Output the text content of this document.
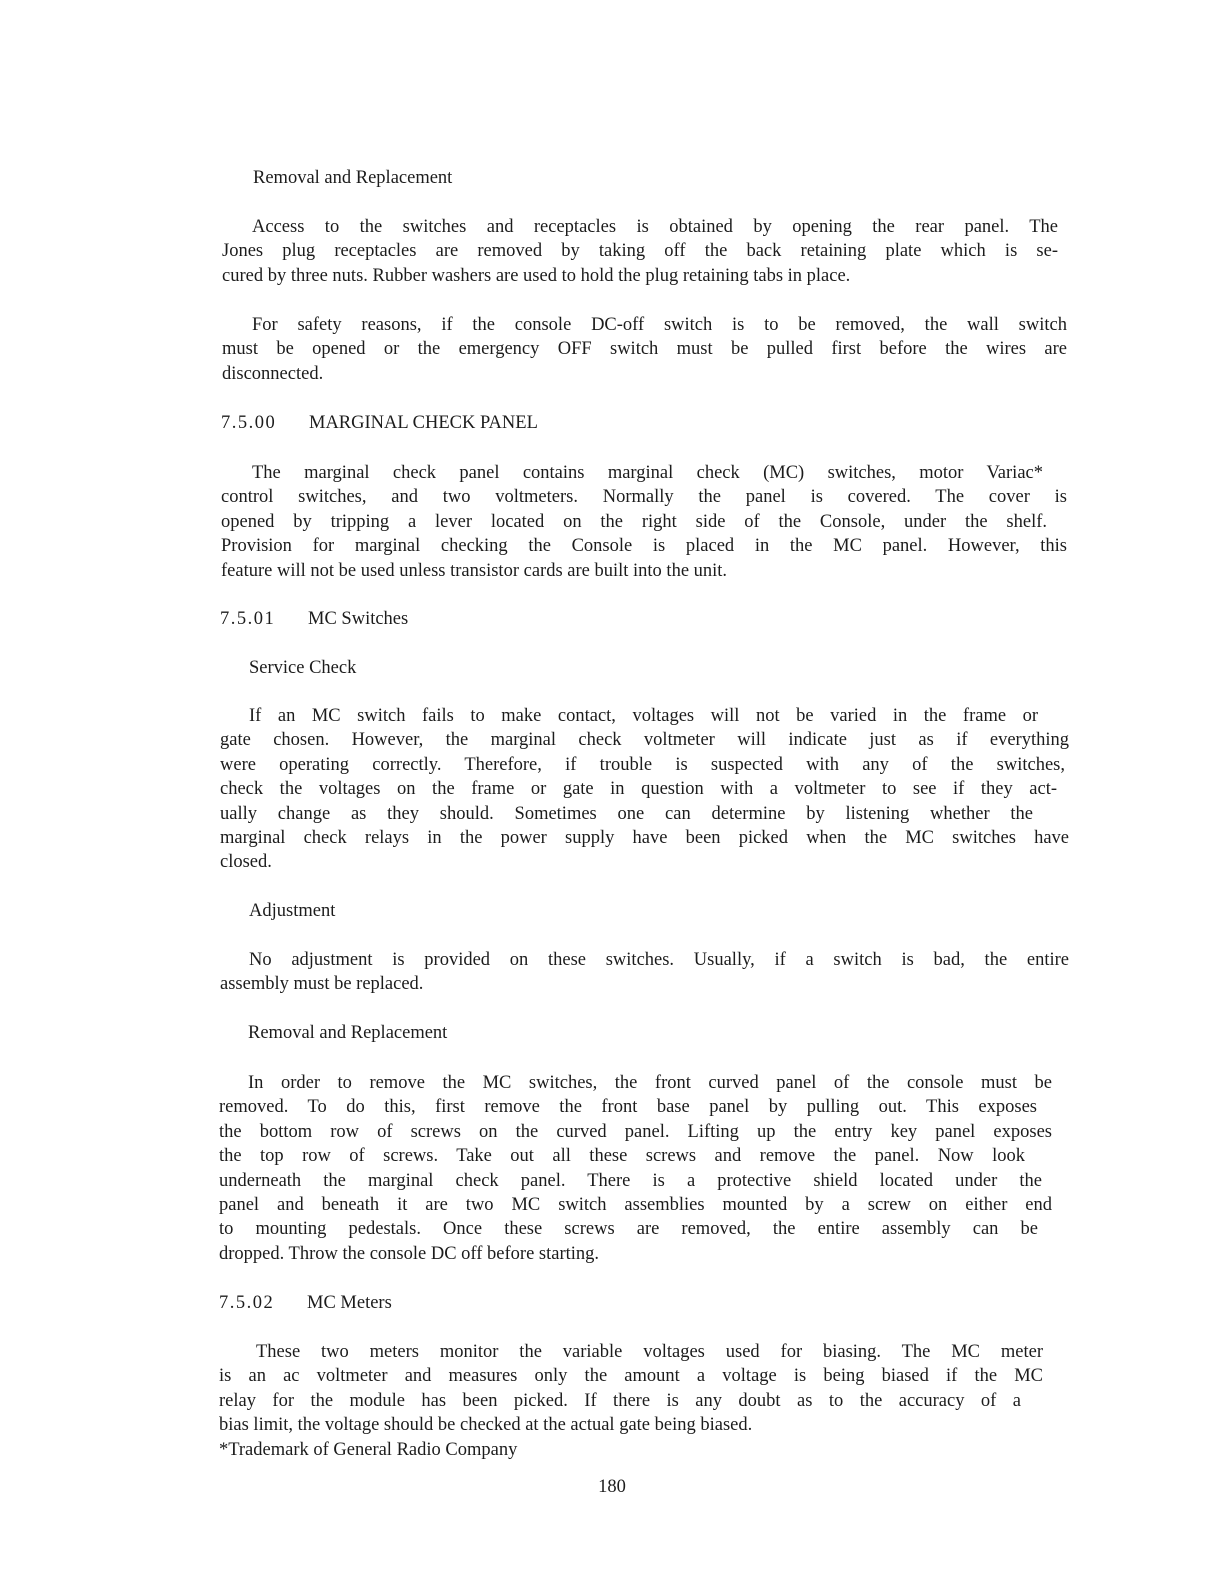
Removal and Replacement
Access to the switches and receptacles is obtained by opening the rear panel. The
Jones plug receptacles are removed by taking off the back retaining plate which is se-
cured by three nuts. Rubber washers are used to hold the plug retaining tabs in place.
For safety reasons, if the console DC-off switch is to be removed, the wall switch
must be opened or the emergency OFF switch must be pulled first before the wires are
disconnected.
7.5.00 MARGINAL CHECK PANEL
The marginal check panel contains marginal check (MC) switches, motor Variac*
control switches, and two voltmeters. Normally the panel is covered. The cover is
opened by tripping a lever located on the right side of the Console, under the shelf.
Provision for marginal checking the Console is placed in the MC panel. However, this
feature will not be used unless transistor cards are built into the unit.
7.5.01 MC Switches
Service Check
If an MC switch fails to make contact, voltages will not be varied in the frame or
gate chosen. However, the marginal check voltmeter will indicate just as if everything
were operating correctly. Therefore, if trouble is suspected with any of the switches,
check the voltages on the frame or gate in question with a voltmeter to see if they act-
ually change as they should. Sometimes one can determine by listening whether the
marginal check relays in the power supply have been picked when the MC switches have
closed.
Adjustment
No adjustment is provided on these switches. Usually, if a switch is bad, the entire
assembly must be replaced.
Removal and Replacement
In order to remove the MC switches, the front curved panel of the console must be
removed. To do this, first remove the front base panel by pulling out. This exposes
the bottom row of screws on the curved panel. Lifting up the entry key panel exposes
the top row of screws. Take out all these screws and remove the panel. Now look
underneath the marginal check panel. There is a protective shield located under the
panel and beneath it are two MC switch assemblies mounted by a screw on either end
to mounting pedestals. Once these screws are removed, the entire assembly can be
dropped. Throw the console DC off before starting.
7.5.02 MC Meters
These two meters monitor the variable voltages used for biasing. The MC meter
is an ac voltmeter and measures only the amount a voltage is being biased if the MC
relay for the module has been picked. If there is any doubt as to the accuracy of a
bias limit, the voltage should be checked at the actual gate being biased.
*Trademark of General Radio Company
180
